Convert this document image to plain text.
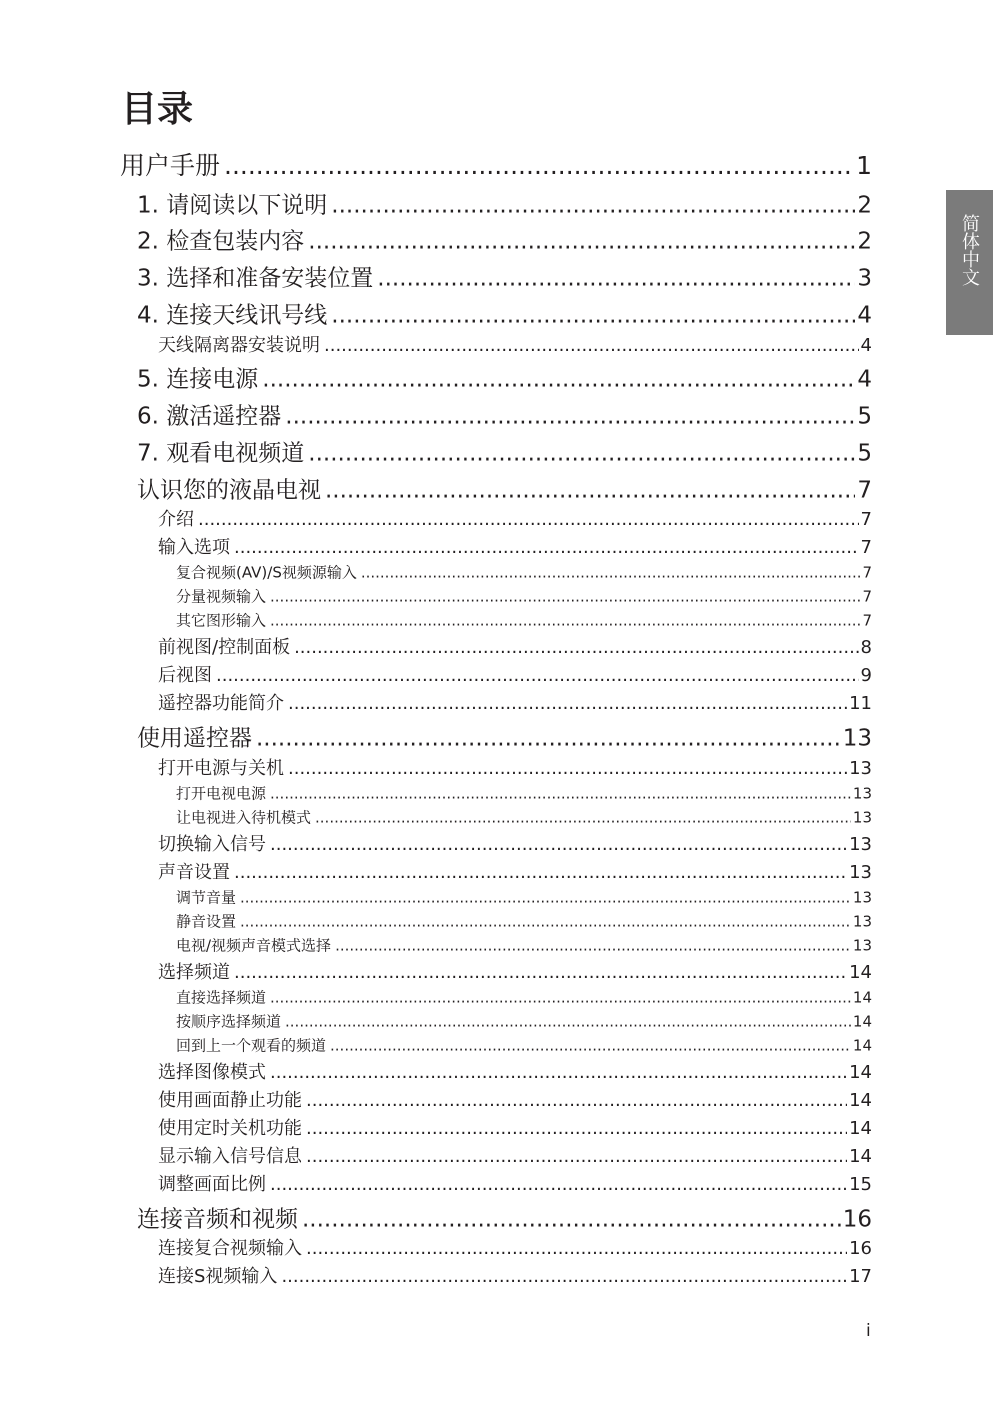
目录
用户手册 .....	1
1. 请阅读以下说明 .....	2
2. 检查包装内容 .....	2
3. 选择和准备安装位置 .....	3
4. 连接天线讯号线 .....	4
天线隔离器安装说明 .....	4
5. 连接电源 .....	4
6. 激活遥控器 .....	5
7. 观看电视频道 .....	5
认识您的液晶电视 .....	7
介绍 .....	7
输入选项 .....	7
复合视频(AV)/S视频源输入 .....	7
分量视频输入 .....	7
其它图形输入 .....	7
前视图/控制面板 .....	8
后视图 .....	9
遥控器功能简介 .....	11
使用遥控器 .....	13
打开电源与关机 .....	13
打开电视电源 .....	13
让电视进入待机模式 .....	13
切换输入信号 .....	13
声音设置 .....	13
调节音量 .....	13
静音设置 .....	13
电视/视频声音模式选择 .....	13
选择频道 .....	14
直接选择频道 .....	14
按顺序选择频道 .....	14
回到上一个观看的频道 .....	14
选择图像模式 .....	14
使用画面静止功能 .....	14
使用定时关机功能 .....	14
显示输入信号信息 .....	14
调整画面比例 .....	15
连接音频和视频 .....	16
连接复合视频输入 .....	16
连接S视频输入 .....	17
简体中文
i
